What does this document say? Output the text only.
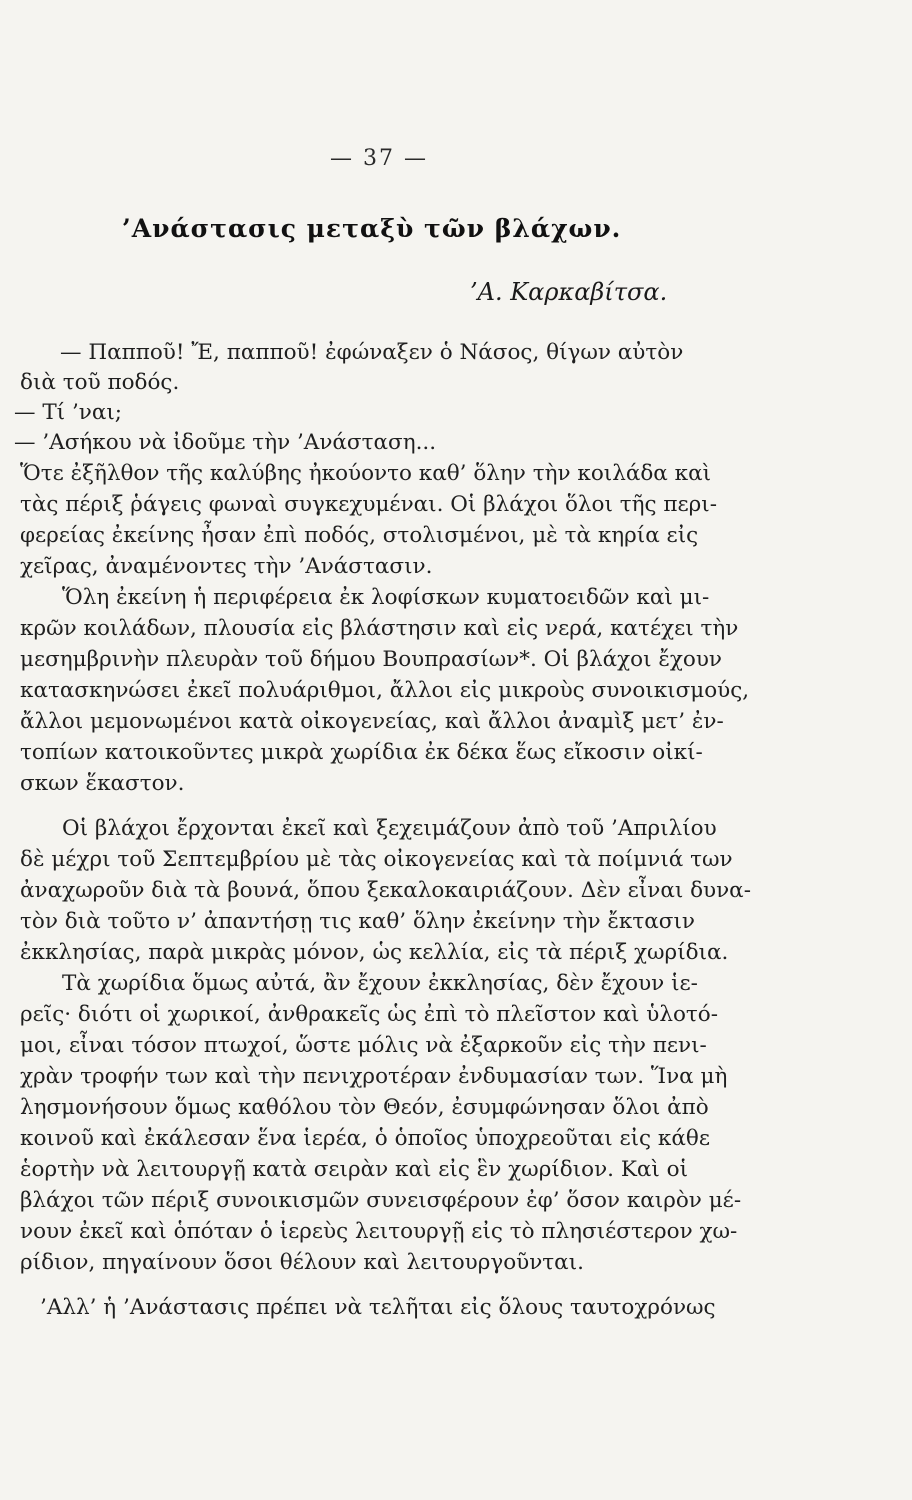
— 37 —
’Ανάστασις μεταξὺ τῶν βλάχων.
’Α. Καρκαβίτσα.
— Παπποῦ! Ἔ, παπποῦ! ἐφώναξεν ὁ Νάσος, θίγων αὐτὸν
διὰ τοῦ ποδός.
— Τί ’ναι;
— ’Ασήκου νὰ ἰδοῦμε τὴν ’Ανάσταση...
Ὅτε ἐξῆλθον τῆς καλύβης ἠκούοντο καθ’ ὅλην τὴν κοιλάδα καὶ
τὰς πέριξ ῥάγεις φωναὶ συγκεχυμέναι. Οἱ βλάχοι ὅλοι τῆς περι-
φερείας ἐκείνης ἦσαν ἐπὶ ποδός, στολισμένοι, μὲ τὰ κηρία εἰς
χεῖρας, ἀναμένοντες τὴν ’Ανάστασιν.
Ὅλη ἐκείνη ἡ περιφέρεια ἐκ λοφίσκων κυματοειδῶν καὶ μι-
κρῶν κοιλάδων, πλουσία εἰς βλάστησιν καὶ εἰς νερά, κατέχει τὴν
μεσημβρινὴν πλευρὰν τοῦ δήμου Βουπρασίων*. Οἱ βλάχοι ἔχουν
κατασκηνώσει ἐκεῖ πολυάριθμοι, ἄλλοι εἰς μικροὺς συνοικισμούς,
ἄλλοι μεμονωμένοι κατὰ οἰκογενείας, καὶ ἄλλοι ἀναμὶξ μετ’ ἐν-
τοπίων κατοικοῦντες μικρὰ χωρίδια ἐκ δέκα ἕως εἴκοσιν οἰκί-
σκων ἕκαστον.
Οἱ βλάχοι ἔρχονται ἐκεῖ καὶ ξεχειμάζουν ἀπὸ τοῦ ’Απριλίου
δὲ μέχρι τοῦ Σεπτεμβρίου μὲ τὰς οἰκογενείας καὶ τὰ ποίμνιά των
ἀναχωροῦν διὰ τὰ βουνά, ὅπου ξεκαλοκαιριάζουν. Δὲν εἶναι δυνα-
τὸν διὰ τοῦτο ν’ ἀπαντήσῃ τις καθ’ ὅλην ἐκείνην τὴν ἔκτασιν
ἐκκλησίας, παρὰ μικρὰς μόνον, ὡς κελλία, εἰς τὰ πέριξ χωρίδια.
Τὰ χωρίδια ὅμως αὐτά, ἂν ἔχουν ἐκκλησίας, δὲν ἔχουν ἱε-
ρεῖς· διότι οἱ χωρικοί, ἀνθρακεῖς ὡς ἐπὶ τὸ πλεῖστον καὶ ὑλοτό-
μοι, εἶναι τόσον πτωχοί, ὥστε μόλις νὰ ἐξαρκοῦν εἰς τὴν πενι-
χρὰν τροφήν των καὶ τὴν πενιχροτέραν ἐνδυμασίαν των. Ἵνα μὴ
λησμονήσουν ὅμως καθόλου τὸν Θεόν, ἐσυμφώνησαν ὅλοι ἀπὸ
κοινοῦ καὶ ἐκάλεσαν ἕνα ἱερέα, ὁ ὁποῖος ὑποχρεοῦται εἰς κάθε
ἑορτὴν νὰ λειτουργῇ κατὰ σειρὰν καὶ εἰς ἓν χωρίδιον. Καὶ οἱ
βλάχοι τῶν πέριξ συνοικισμῶν συνεισφέρουν ἐφ’ ὅσον καιρὸν μέ-
νουν ἐκεῖ καὶ ὁπόταν ὁ ἱερεὺς λειτουργῇ εἰς τὸ πλησιέστερον χω-
ρίδιον, πηγαίνουν ὅσοι θέλουν καὶ λειτουργοῦνται.
’Αλλ’ ἡ ’Ανάστασις πρέπει νὰ τελῆται εἰς ὅλους ταυτοχρόνως
